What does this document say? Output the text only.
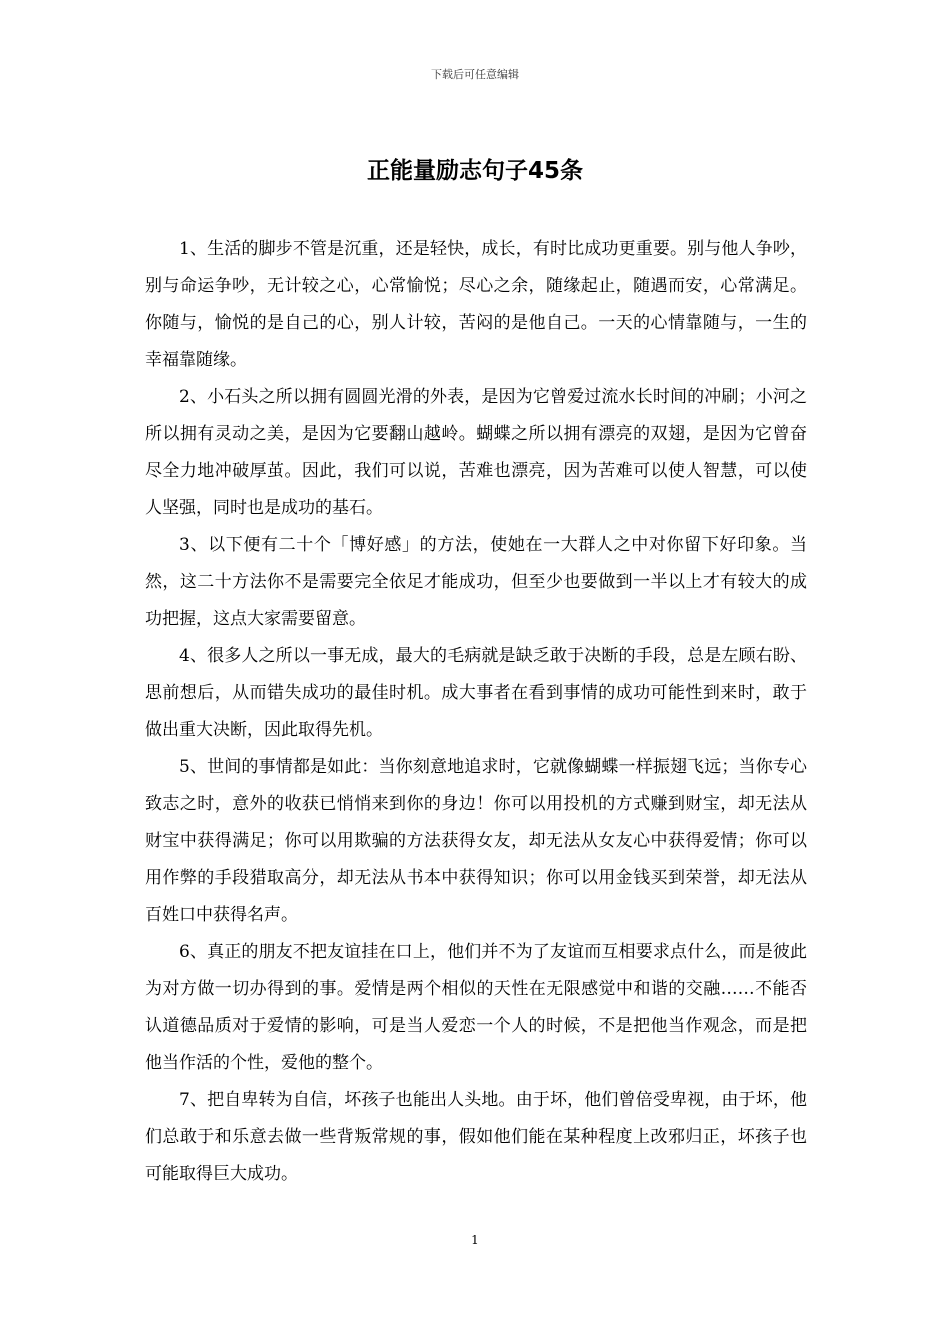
下载后可任意编辑
正能量励志句子45条

1、生活的脚步不管是沉重，还是轻快，成长，有时比成功更重要。别与他人争吵，别与命运争吵，无计较之心，心常愉悦；尽心之余，随缘起止，随遇而安，心常满足。你随与，愉悦的是自己的心，别人计较，苦闷的是他自己。一天的心情靠随与，一生的幸福靠随缘。

2、小石头之所以拥有圆圆光滑的外表，是因为它曾爱过流水长时间的冲刷；小河之所以拥有灵动之美，是因为它要翻山越岭。蝴蝶之所以拥有漂亮的双翅，是因为它曾奋尽全力地冲破厚茧。因此，我们可以说，苦难也漂亮，因为苦难可以使人智慧，可以使人坚强，同时也是成功的基石。

3、以下便有二十个「博好感」的方法，使她在一大群人之中对你留下好印象。当然，这二十方法你不是需要完全依足才能成功，但至少也要做到一半以上才有较大的成功把握，这点大家需要留意。

4、很多人之所以一事无成，最大的毛病就是缺乏敢于决断的手段，总是左顾右盼、思前想后，从而错失成功的最佳时机。成大事者在看到事情的成功可能性到来时，敢于做出重大决断，因此取得先机。

5、世间的事情都是如此：当你刻意地追求时，它就像蝴蝶一样振翅飞远；当你专心致志之时，意外的收获已悄悄来到你的身边！你可以用投机的方式赚到财宝，却无法从财宝中获得满足；你可以用欺骗的方法获得女友，却无法从女友心中获得爱情；你可以用作弊的手段猎取高分，却无法从书本中获得知识；你可以用金钱买到荣誉，却无法从百姓口中获得名声。

6、真正的朋友不把友谊挂在口上，他们并不为了友谊而互相要求点什么，而是彼此为对方做一切办得到的事。爱情是两个相似的天性在无限感觉中和谐的交融……不能否认道德品质对于爱情的影响，可是当人爱恋一个人的时候，不是把他当作观念，而是把他当作活的个性，爱他的整个。

7、把自卑转为自信，坏孩子也能出人头地。由于坏，他们曾倍受卑视，由于坏，他们总敢于和乐意去做一些背叛常规的事，假如他们能在某种程度上改邪归正，坏孩子也可能取得巨大成功。

1
